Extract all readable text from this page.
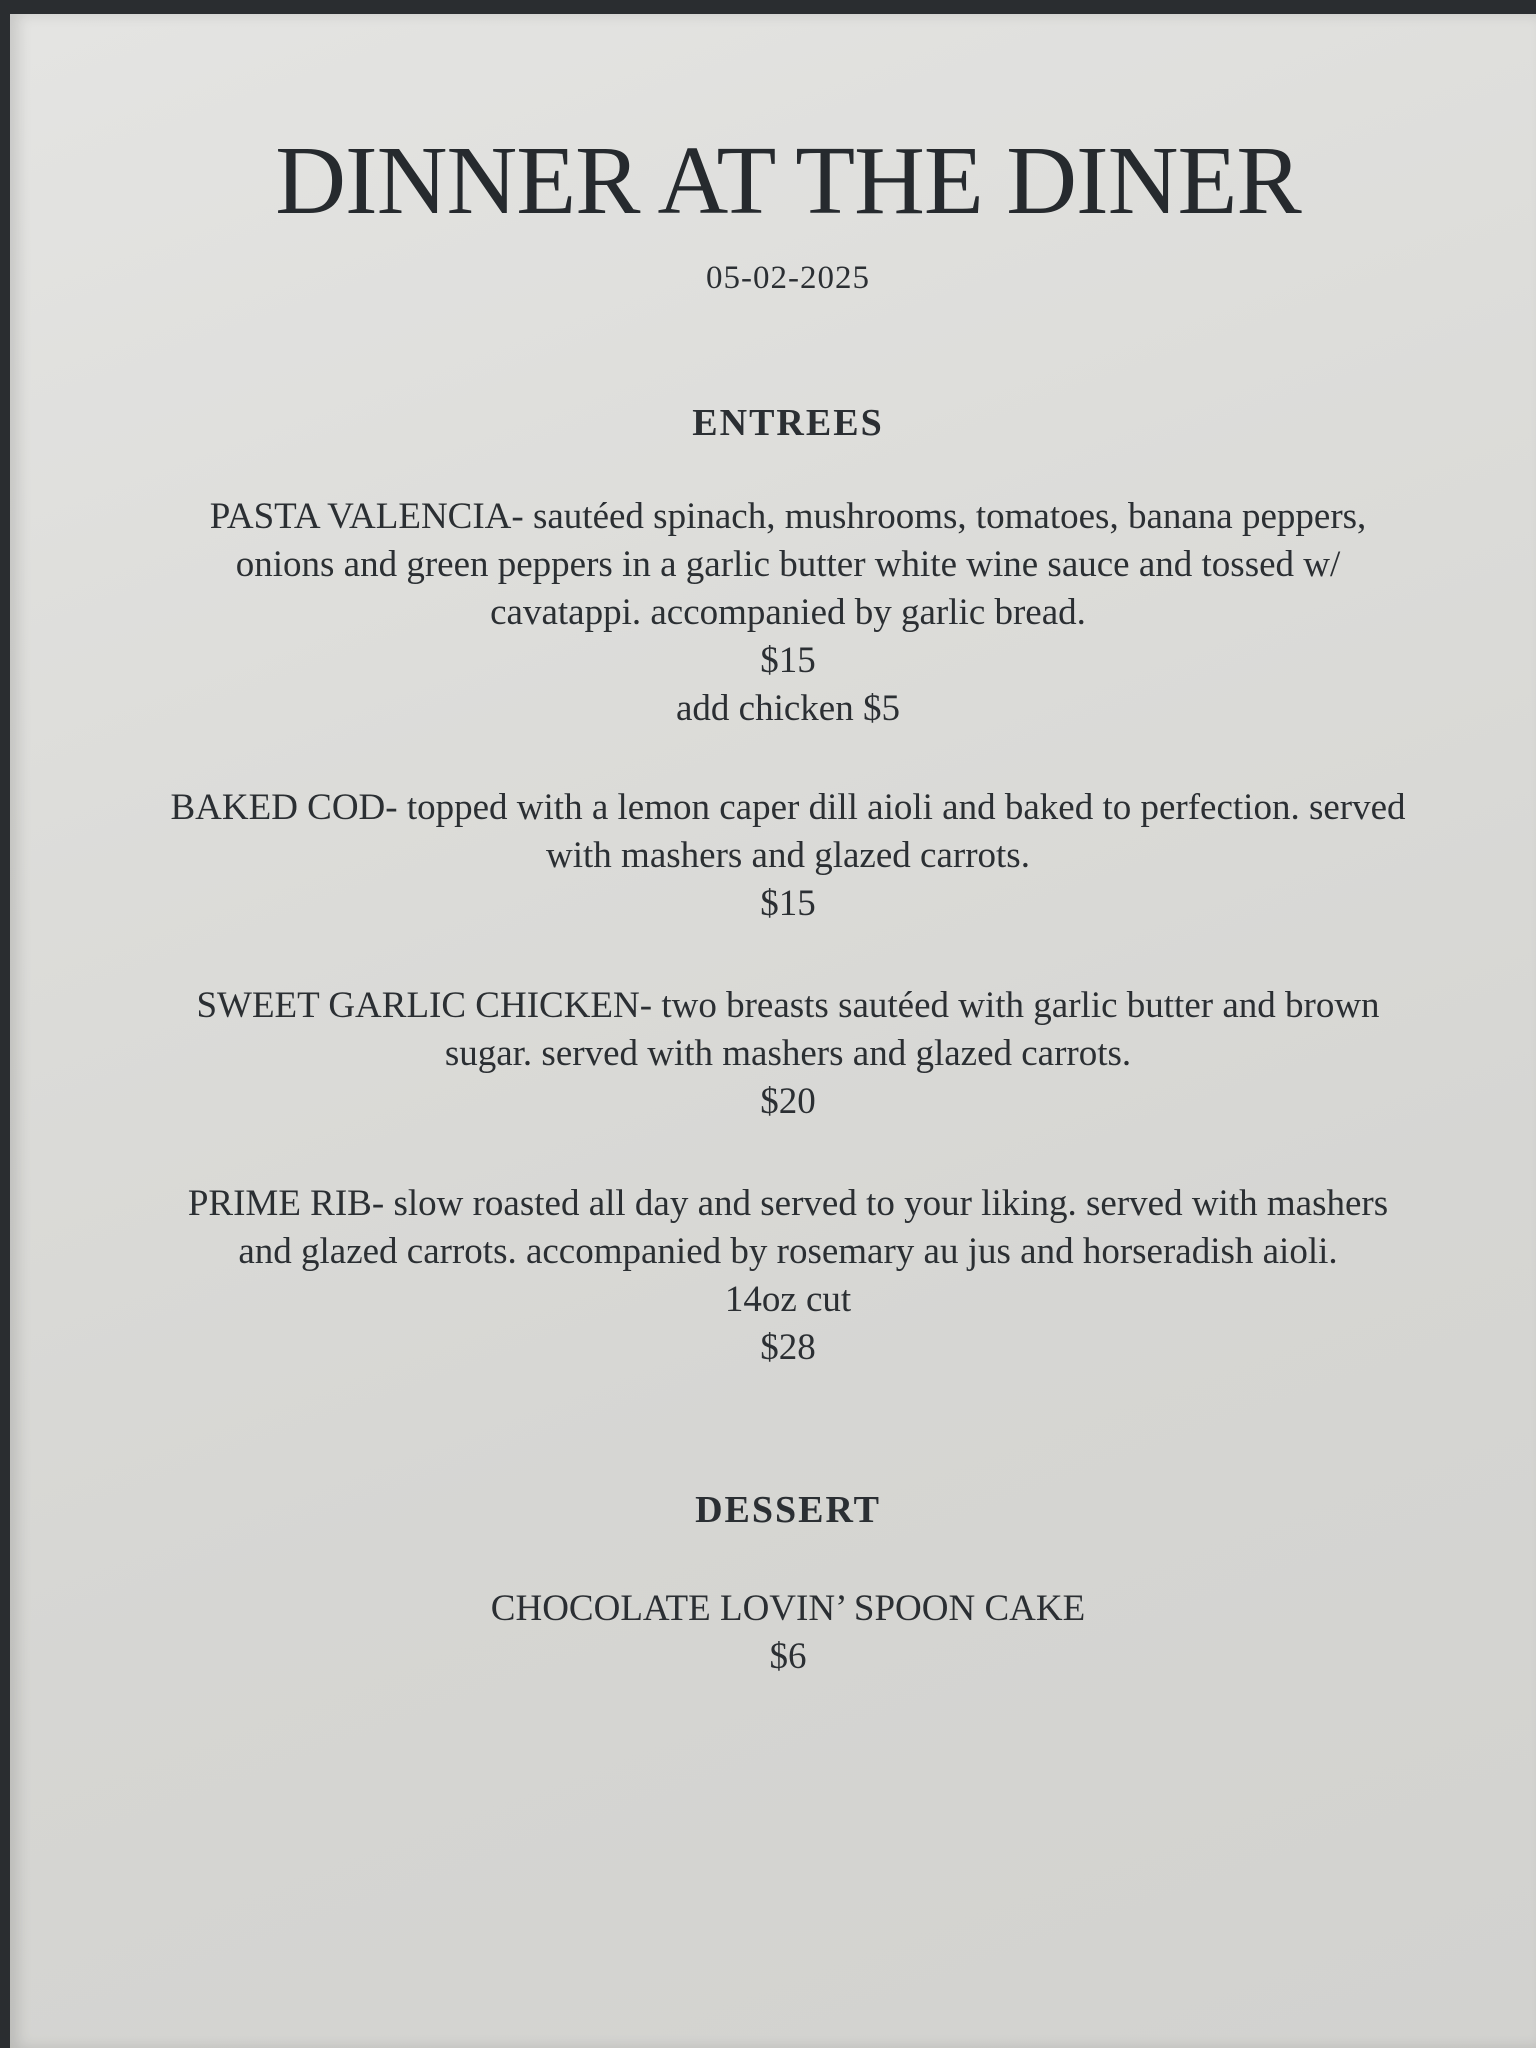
DINNER AT THE DINER
05-02-2025
ENTREES

PASTA VALENCIA- sautéed spinach, mushrooms, tomatoes, banana peppers, onions and green peppers in a garlic butter white wine sauce and tossed w/ cavatappi. accompanied by garlic bread.

$15

add chicken $5

BAKED COD- topped with a lemon caper dill aioli and baked to perfection. served with mashers and glazed carrots.

$15

SWEET GARLIC CHICKEN- two breasts sautéed with garlic butter and brown sugar. served with mashers and glazed carrots.

$20

PRIME RIB- slow roasted all day and served to your liking. served with mashers and glazed carrots. accompanied by rosemary au jus and horseradish aioli.

14oz cut

$28

DESSERT

CHOCOLATE LOVIN’ SPOON CAKE

$6
